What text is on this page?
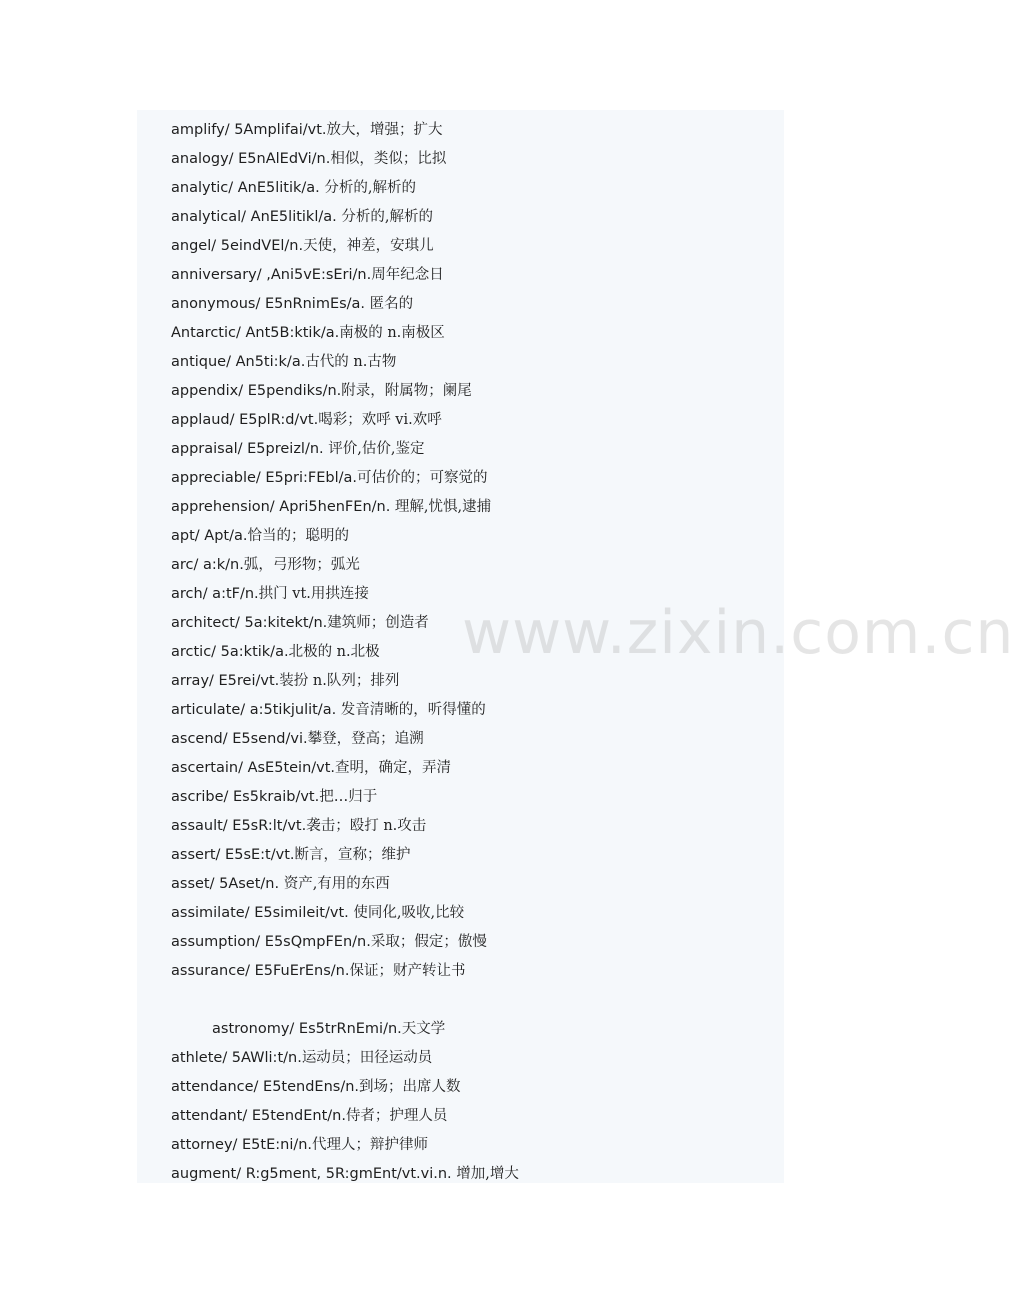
www.zixin.com.cn
amplify/ 5Amplifai/vt.放大，增强；扩大
analogy/ E5nAlEdVi/n.相似，类似；比拟
analytic/ AnE5litik/a. 分析的,解析的
analytical/ AnE5litikl/a. 分析的,解析的
angel/ 5eindVEl/n.天使，神差，安琪儿
anniversary/ ,Ani5vE:sEri/n.周年纪念日
anonymous/ E5nRnimEs/a. 匿名的
Antarctic/ Ant5B:ktik/a.南极的 n.南极区
antique/ An5ti:k/a.古代的 n.古物
appendix/ E5pendiks/n.附录，附属物；阑尾
applaud/ E5plR:d/vt.喝彩；欢呼 vi.欢呼
appraisal/ E5preizl/n. 评价,估价,鉴定
appreciable/ E5pri:FEbl/a.可估价的；可察觉的
apprehension/ Apri5henFEn/n. 理解,忧惧,逮捕
apt/ Apt/a.恰当的；聪明的
arc/ a:k/n.弧，弓形物；弧光
arch/ a:tF/n.拱门 vt.用拱连接
architect/ 5a:kitekt/n.建筑师；创造者
arctic/ 5a:ktik/a.北极的 n.北极
array/ E5rei/vt.装扮 n.队列；排列
articulate/ a:5tikjulit/a. 发音清晰的，听得懂的
ascend/ E5send/vi.攀登，登高；追溯
ascertain/ AsE5tein/vt.查明，确定，弄清
ascribe/ Es5kraib/vt.把…归于
assault/ E5sR:lt/vt.袭击；殴打 n.攻击
assert/ E5sE:t/vt.断言，宣称；维护
asset/ 5Aset/n. 资产,有用的东西
assimilate/ E5simileit/vt. 使同化,吸收,比较
assumption/ E5sQmpFEn/n.采取；假定；傲慢
assurance/ E5FuErEns/n.保证；财产转让书
astronomy/ Es5trRnEmi/n.天文学
athlete/ 5AWli:t/n.运动员；田径运动员
attendance/ E5tendEns/n.到场；出席人数
attendant/ E5tendEnt/n.侍者；护理人员
attorney/ E5tE:ni/n.代理人；辩护律师
augment/ R:g5ment, 5R:gmEnt/vt.vi.n. 增加,增大
